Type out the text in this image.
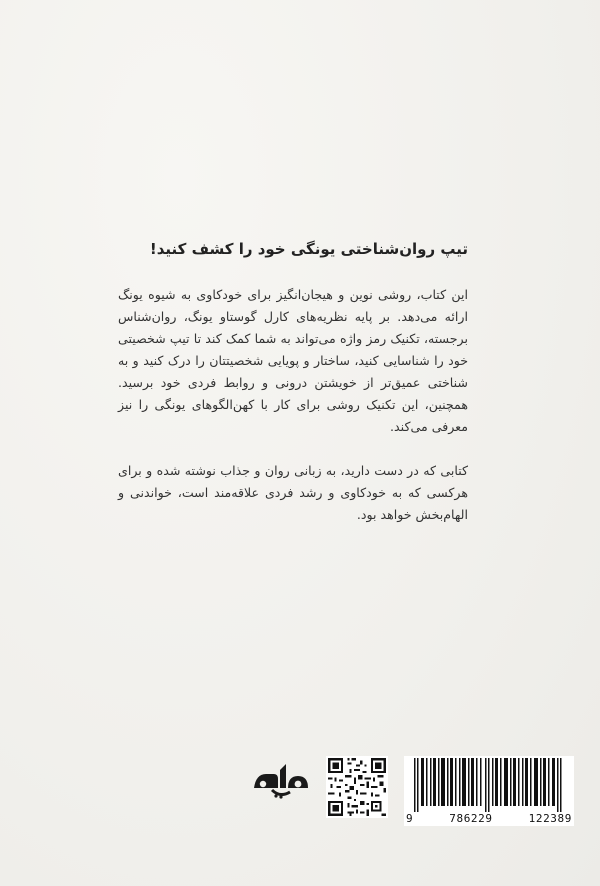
تیپ روان‌شناختی یونگی خود را کشف کنید!

این کتاب، روشی نوین و هیجان‌انگیز برای خودکاوی به شیوه یونگ ارائه می‌دهد. بر پایه نظریه‌های کارل گوستاو یونگ، روان‌شناس برجسته، تکنیک رمز واژه می‌تواند به شما کمک کند تا تیپ شخصیتی خود را شناسایی کنید، ساختار و پویایی شخصیتتان را درک کنید و به شناختی عمیق‌تر از خویشتن درونی و روابط فردی خود برسید. همچنین، این تکنیک روشی برای کار با کهن‌الگوهای یونگی را نیز معرفی می‌کند.

کتابی که در دست دارید، به زبانی روان و جذاب نوشته شده و برای هرکسی که به خودکاوی و رشد فردی علاقه‌مند است، خواندنی و الهام‌بخش خواهد بود.

9	786229	122389
